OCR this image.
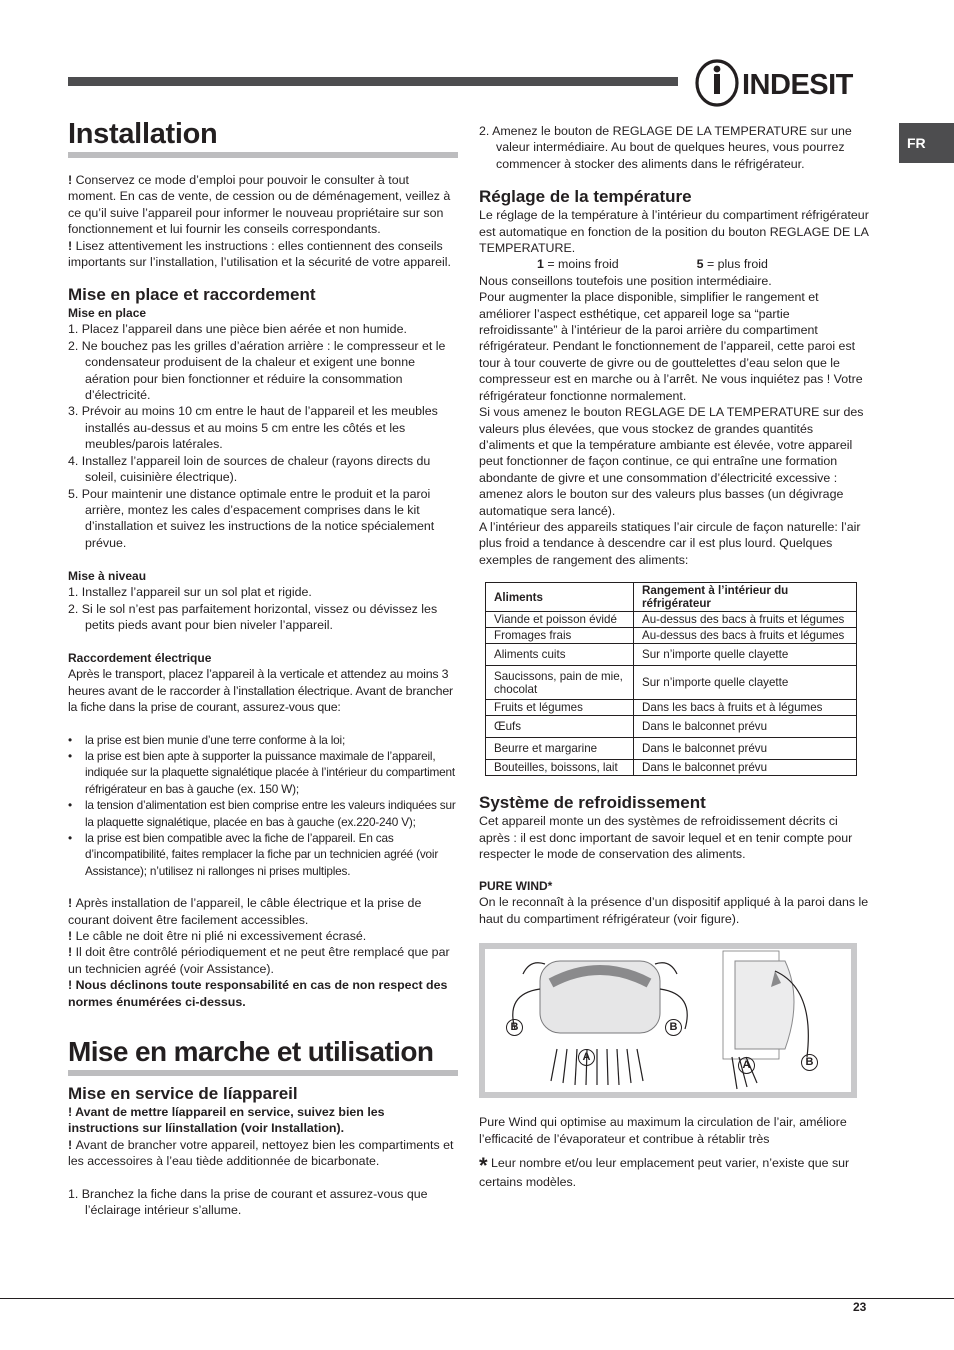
INDESIT
FR
Installation

! Conservez ce mode d’emploi pour pouvoir le consulter à tout moment. En cas de vente, de cession ou de déménagement, veillez à ce qu’il suive l’appareil pour informer le nouveau propriétaire sur son fonctionnement et lui fournir les conseils correspondants.

! Lisez attentivement les instructions : elles contiennent des conseils importants sur l’installation, l’utilisation et la sécurité de votre appareil.

Mise en place et raccordement
Mise en place
1. Placez l’appareil dans une pièce bien aérée et non humide.
2. Ne bouchez pas les grilles d’aération arrière : le compresseur et le condensateur produisent de la chaleur et exigent une bonne aération pour bien fonctionner et réduire la consommation d’électricité.
3. Prévoir au moins 10 cm entre le haut de l’appareil et les meubles installés au-dessus et au moins 5 cm entre les côtés et les meubles/parois latérales.
4. Installez l’appareil loin de sources de chaleur (rayons directs du soleil, cuisinière électrique).
5. Pour maintenir une distance optimale entre le produit et la paroi arrière, montez les cales d’espacement comprises dans le kit d’installation et suivez les instructions de la notice spécialement prévue.
Mise à niveau
1. Installez l’appareil sur un sol plat et rigide.
2. Si le sol n’est pas parfaitement horizontal, vissez ou dévissez les petits pieds avant pour bien niveler l’appareil.
Raccordement électrique

Après le transport, placez l’appareil à la verticale et attendez au moins 3 heures avant de le raccorder à l’installation électrique. Avant de brancher la fiche dans la prise de courant, assurez-vous que:

• la prise est bien munie d’une terre conforme à la loi;
• la prise est bien apte à supporter la puissance maximale de l’appareil, indiquée sur la plaquette signalétique placée à l’intérieur du compartiment réfrigérateur en bas à gauche (ex. 150 W);
• la tension d’alimentation est bien comprise entre les valeurs indiquées sur la plaquette signalétique, placée en bas à gauche (ex.220-240 V);
• la prise est bien compatible avec la fiche de l’appareil. En cas d’incompatibilité, faites remplacer la fiche par un technicien agréé (voir Assistance); n’utilisez ni rallonges ni prises multiples.

! Après installation de l’appareil, le câble électrique et la prise de courant doivent être facilement accessibles.

! Le câble ne doit être ni plié ni excessivement écrasé.

! Il doit être contrôlé périodiquement et ne peut être remplacé que par un technicien agréé (voir Assistance).

! Nous déclinons toute responsabilité en cas de non respect des normes énumérées ci-dessus.

Mise en marche et utilisation
Mise en service de líappareil

! Avant de mettre líappareil en service, suivez bien les instructions sur líinstallation (voir Installation).

! Avant de brancher votre appareil, nettoyez bien les compartiments et les accessoires à l’eau tiède additionnée de bicarbonate.

1. Branchez la fiche dans la prise de courant et assurez-vous que l’éclairage intérieur s’allume.
2. Amenez le bouton de REGLAGE DE LA TEMPERATURE sur une valeur intermédiaire. Au bout de quelques heures, vous pourrez commencer à stocker des aliments dans le réfrigérateur.
Réglage de la température

Le réglage de la température à l’intérieur du compartiment réfrigérateur est automatique en fonction de la position du bouton REGLAGE DE LA TEMPERATURE.

1 = moins froid	5 = plus froid

Nous conseillons toutefois une position intermédiaire.

Pour augmenter la place disponible, simplifier le rangement et améliorer l’aspect esthétique, cet appareil loge sa “partie refroidissante” à l’intérieur de la paroi arrière du compartiment réfrigérateur. Pendant le fonctionnement de l’appareil, cette paroi est tour à tour couverte de givre ou de gouttelettes d’eau selon que le compresseur est en marche ou à l’arrêt. Ne vous inquiétez pas ! Votre réfrigérateur fonctionne normalement.

Si vous amenez le bouton REGLAGE DE LA TEMPERATURE sur des valeurs plus élevées, que vous stockez de grandes quantités d’aliments et que la température ambiante est élevée, votre appareil peut fonctionner de façon continue, ce qui entraîne une formation abondante de givre et une consommation d’électricité excessive : amenez alors le bouton sur des valeurs plus basses (un dégivrage automatique sera lancé).

A l’intérieur des appareils statiques l’air circule de façon naturelle: l’air plus froid a tendance à descendre car il est plus lourd. Quelques exemples de rangement des aliments:

Aliments	Rangement à l’intérieur du réfrigérateur
Viande et poisson évidé	Au-dessus des bacs à fruits et légumes
Fromages frais	Au-dessus des bacs à fruits et légumes
Aliments cuits	Sur n’importe quelle clayette
Saucissons, pain de mie, chocolat	Sur n’importe quelle clayette
Fruits et légumes	Dans les bacs à fruits et à légumes
Œufs	Dans le balconnet prévu
Beurre et margarine	Dans le balconnet prévu
Bouteilles, boissons, lait	Dans le balconnet prévu
Système de refroidissement

Cet appareil monte un des systèmes de refroidissement décrits ci après : il est donc important de savoir lequel et en tenir compte pour respecter le mode de conservation des aliments.

PURE WIND*

On le reconnaît à la présence d’un dispositif appliqué à la paroi dans le haut du compartiment réfrigérateur (voir figure).

B	B
A
A	B

Pure Wind qui optimise au maximum la circulation de l’air, améliore l’efficacité de l’évaporateur et contribue à rétablir très

* Leur nombre et/ou leur emplacement peut varier, n’existe que sur certains modèles.

23
